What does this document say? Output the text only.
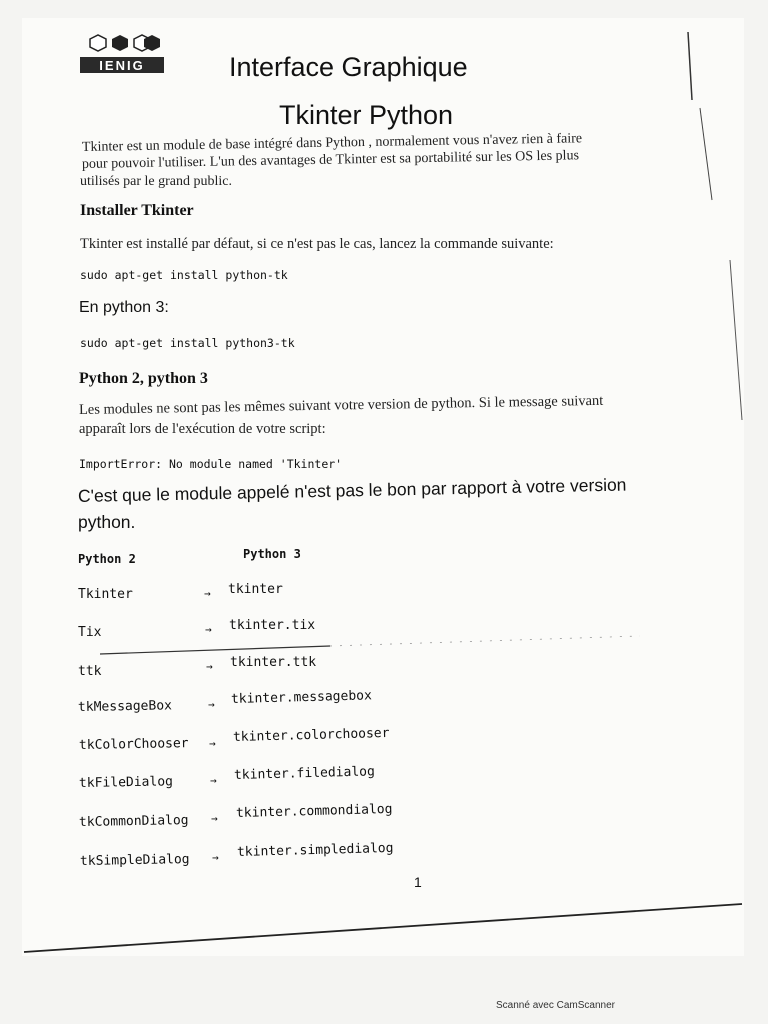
IENIG	Interface Graphique
Tkinter Python
Tkinter est un module de base intégré dans Python , normalement vous n'avez rien à faire
pour pouvoir l'utiliser. L'un des avantages de Tkinter est sa portabilité sur les OS les plus
utilisés par le grand public.
Installer Tkinter
Tkinter est installé par défaut, si ce n'est pas le cas, lancez la commande suivante:
sudo apt-get install python-tk
En python 3:
sudo apt-get install python3-tk
Python 2, python 3
Les modules ne sont pas les mêmes suivant votre version de python. Si le message suivant
apparaît lors de l'exécution de votre script:
ImportError: No module named 'Tkinter'
C'est que le module appelé n'est pas le bon par rapport à votre version
python.
Python 2	Python 3
Tkinter	→ tkinter
Tix	→ tkinter.tix
ttk	→ tkinter.ttk
tkMessageBox	→ tkinter.messagebox
tkColorChooser → tkinter.colorchooser
tkFileDialog	→ tkinter.filedialog
tkCommonDialog → tkinter.commondialog
tkSimpleDialog → tkinter.simpledialog
1
Scanné avec CamScanner
